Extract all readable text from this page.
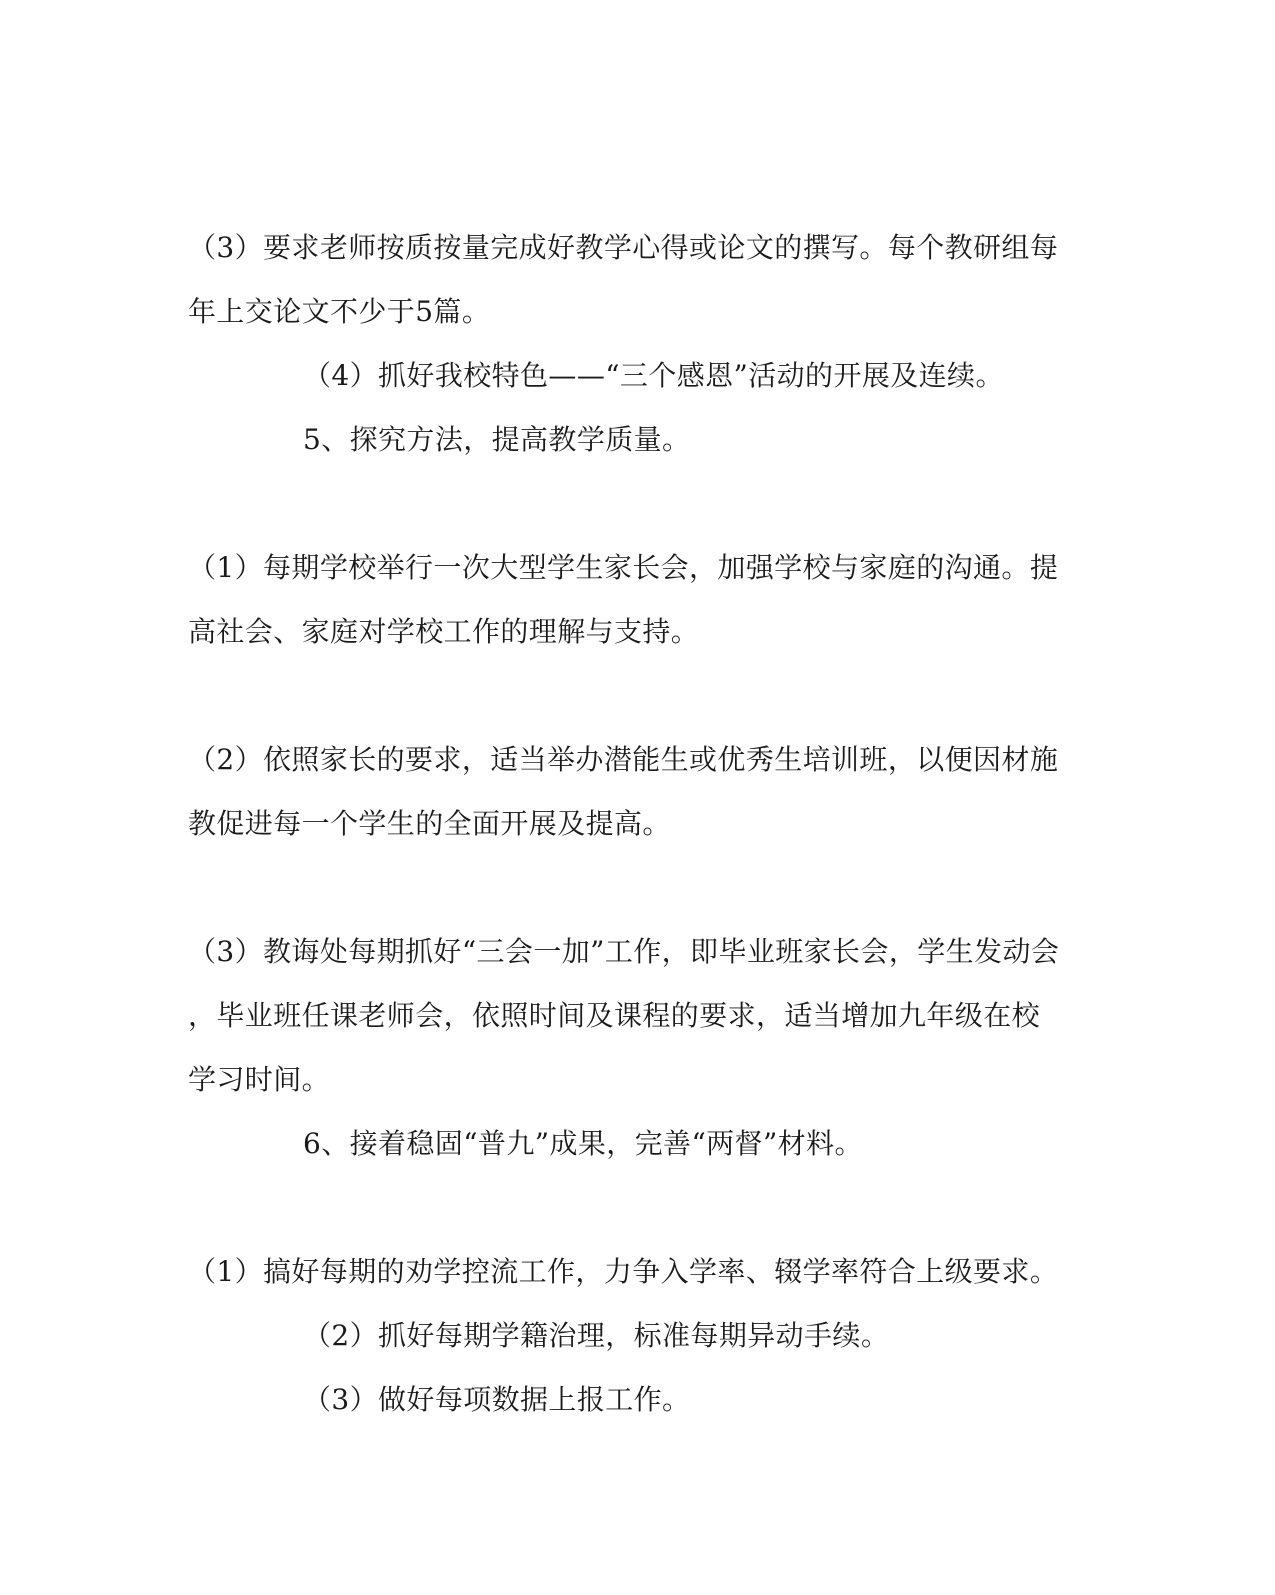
（3）要求老师按质按量完成好教学心得或论文的撰写。每个教研组每
年上交论文不少于5篇。
（4）抓好我校特色——“三个感恩”活动的开展及连续。
5、探究方法，提高教学质量。
（1）每期学校举行一次大型学生家长会，加强学校与家庭的沟通。提
高社会、家庭对学校工作的理解与支持。
（2）依照家长的要求，适当举办潜能生或优秀生培训班，以便因材施
教促进每一个学生的全面开展及提高。
（3）教诲处每期抓好“三会一加”工作，即毕业班家长会，学生发动会
，毕业班任课老师会，依照时间及课程的要求，适当增加九年级在校
学习时间。
6、接着稳固“普九”成果，完善“两督”材料。
（1）搞好每期的劝学控流工作，力争入学率、辍学率符合上级要求。
（2）抓好每期学籍治理，标准每期异动手续。
（3）做好每项数据上报工作。
